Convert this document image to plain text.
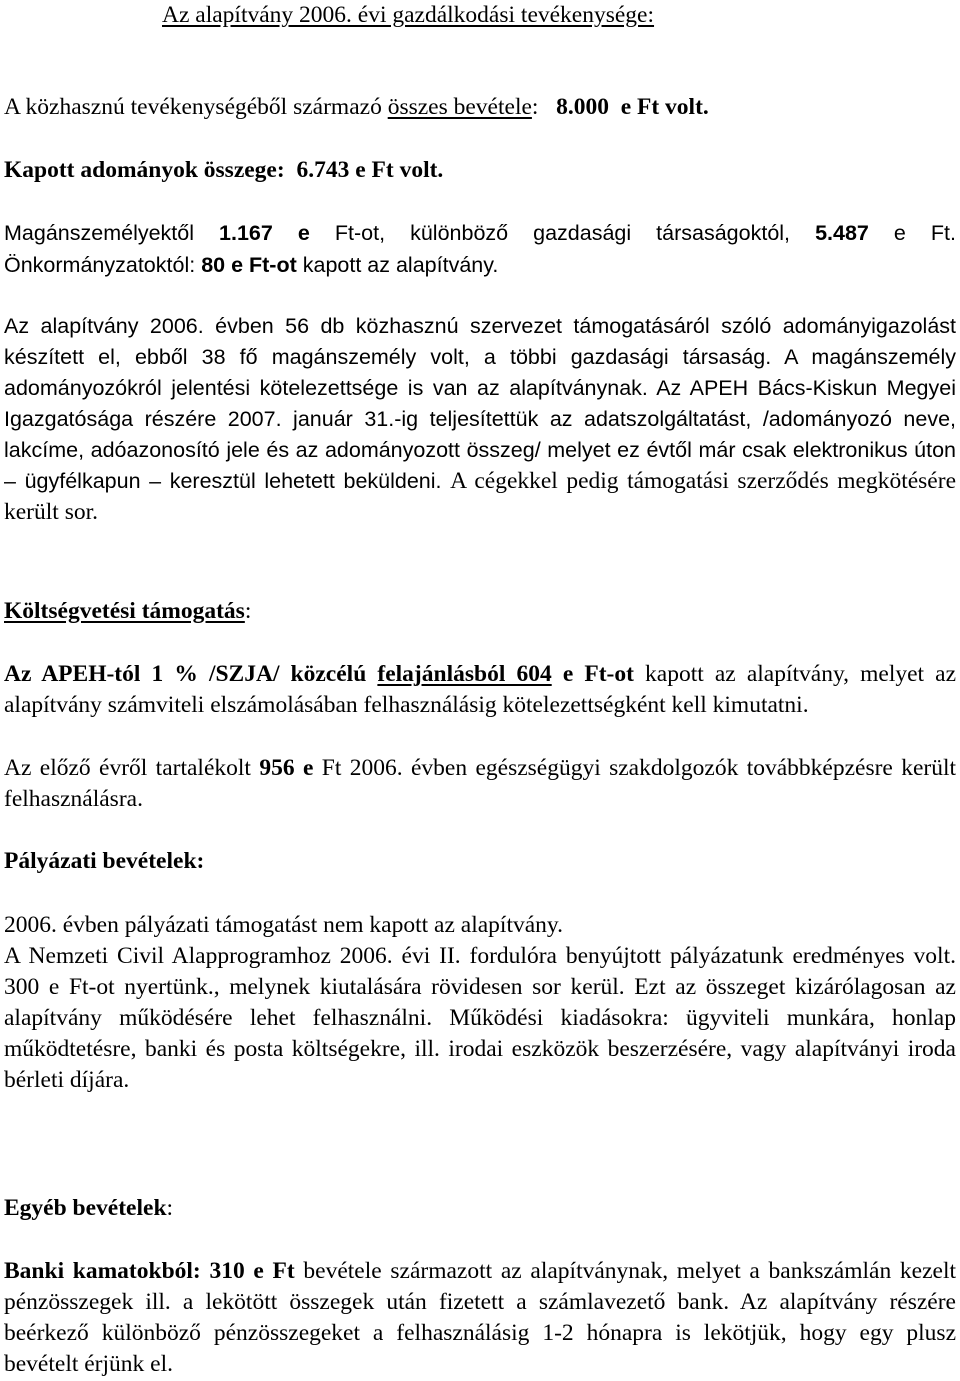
Az alapítvány 2006. évi gazdálkodási tevékenysége:
A közhasznú tevékenységéből származó összes bevétele: 8.000 e Ft volt.
Kapott adományok összege: 6.743 e Ft volt.
Magánszemélyektől 1.167 e Ft-ot, különböző gazdasági társaságoktól, 5.487 e Ft.
Önkormányzatoktól: 80 e Ft-ot kapott az alapítvány.
Az alapítvány 2006. évben 56 db közhasznú szervezet támogatásáról szóló adományigazolást készített el, ebből 38 fő magánszemély volt, a többi gazdasági társaság. A magánszemély adományozókról jelentési kötelezettsége is van az alapítványnak. Az APEH Bács-Kiskun Megyei Igazgatósága részére 2007. január 31.-ig teljesítettük az adatszolgáltatást, /adományozó neve, lakcíme, adóazonosító jele és az adományozott összeg/ melyet ez évtől már csak elektronikus úton – ügyfélkapun – keresztül lehetett beküldeni. A cégekkel pedig támogatási szerződés megkötésére került sor.
Költségvetési támogatás:
Az APEH-tól 1 % /SZJA/ közcélú felajánlásból 604 e Ft-ot kapott az alapítvány, melyet az alapítvány számviteli elszámolásában felhasználásig kötelezettségként kell kimutatni.
Az előző évről tartalékolt 956 e Ft 2006. évben egészségügyi szakdolgozók továbbképzésre került felhasználásra.
Pályázati bevételek:
2006. évben pályázati támogatást nem kapott az alapítvány.
A Nemzeti Civil Alapprogramhoz 2006. évi II. fordulóra benyújtott pályázatunk eredményes volt. 300 e Ft-ot nyertünk., melynek kiutalására rövidesen sor kerül. Ezt az összeget kizárólagosan az alapítvány működésére lehet felhasználni. Működési kiadásokra: ügyviteli munkára, honlap működtetésre, banki és posta költségekre, ill. irodai eszközök beszerzésére, vagy alapítványi iroda bérleti díjára.
Egyéb bevételek:
Banki kamatokból: 310 e Ft bevétele származott az alapítványnak, melyet a bankszámlán kezelt pénzösszegek ill. a lekötött összegek után fizetett a számlavezető bank. Az alapítvány részére beérkező különböző pénzösszegeket a felhasználásig 1-2 hónapra is lekötjük, hogy egy plusz bevételt érjünk el.
